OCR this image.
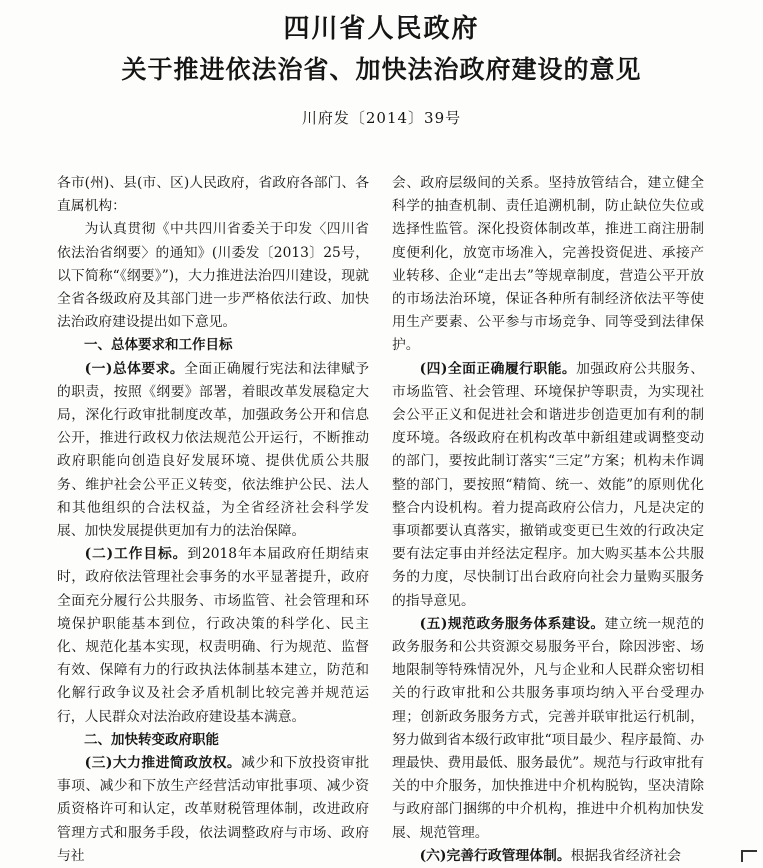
四川省人民政府
关于推进依法治省、加快法治政府建设的意见
川府发〔2014〕39号

各市(州)、县(市、区)人民政府，省政府各部门、各直属机构：

为认真贯彻《中共四川省委关于印发〈四川省依法治省纲要〉的通知》(川委发〔2013〕25号，以下简称“《纲要》”)，大力推进法治四川建设，现就全省各级政府及其部门进一步严格依法行政、加快法治政府建设提出如下意见。

一、总体要求和工作目标

(一)总体要求。全面正确履行宪法和法律赋予的职责，按照《纲要》部署，着眼改革发展稳定大局，深化行政审批制度改革，加强政务公开和信息公开，推进行政权力依法规范公开运行，不断推动政府职能向创造良好发展环境、提供优质公共服务、维护社会公平正义转变，依法维护公民、法人和其他组织的合法权益，为全省经济社会科学发展、加快发展提供更加有力的法治保障。

(二)工作目标。到2018年本届政府任期结束时，政府依法管理社会事务的水平显著提升，政府全面充分履行公共服务、市场监管、社会管理和环境保护职能基本到位，行政决策的科学化、民主化、规范化基本实现，权责明确、行为规范、监督有效、保障有力的行政执法体制基本建立，防范和化解行政争议及社会矛盾机制比较完善并规范运行，人民群众对法治政府建设基本满意。

二、加快转变政府职能

(三)大力推进简政放权。减少和下放投资审批事项、减少和下放生产经营活动审批事项、减少资质资格许可和认定，改革财税管理体制，改进政府管理方式和服务手段，依法调整政府与市场、政府与社

会、政府层级间的关系。坚持放管结合，建立健全科学的抽查机制、责任追溯机制，防止缺位失位或选择性监管。深化投资体制改革，推进工商注册制度便利化，放宽市场准入，完善投资促进、承接产业转移、企业“走出去”等规章制度，营造公平开放的市场法治环境，保证各种所有制经济依法平等使用生产要素、公平参与市场竞争、同等受到法律保护。

(四)全面正确履行职能。加强政府公共服务、市场监管、社会管理、环境保护等职责，为实现社会公平正义和促进社会和谐进步创造更加有利的制度环境。各级政府在机构改革中新组建或调整变动的部门，要按此制订落实“三定”方案；机构未作调整的部门，要按照“精简、统一、效能”的原则优化整合内设机构。着力提高政府公信力，凡是决定的事项都要认真落实，撤销或变更已生效的行政决定要有法定事由并经法定程序。加大购买基本公共服务的力度，尽快制订出台政府向社会力量购买服务的指导意见。

(五)规范政务服务体系建设。建立统一规范的政务服务和公共资源交易服务平台，除因涉密、场地限制等特殊情况外，凡与企业和人民群众密切相关的行政审批和公共服务事项均纳入平台受理办理；创新政务服务方式，完善并联审批运行机制，努力做到省本级行政审批“项目最少、程序最简、办理最快、费用最低、服务最优”。规范与行政审批有关的中介服务，加快推进中介机构脱钩，坚决清除与政府部门捆绑的中介机构，推进中介机构加快发展、规范管理。

(六)完善行政管理体制。根据我省经济社会
